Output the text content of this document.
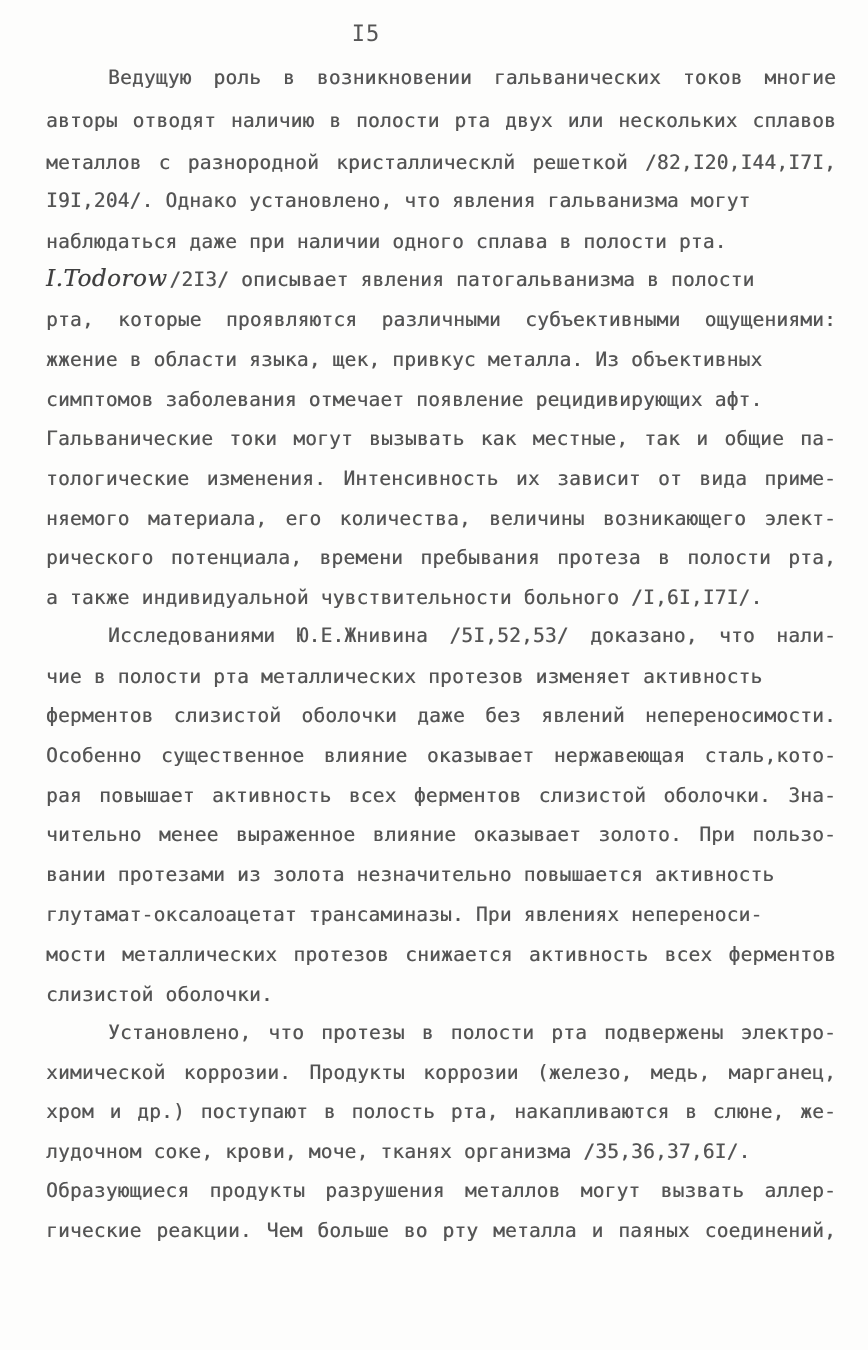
I5
Ведущую роль в возникновении гальванических токов многие
авторы отводят наличию в полости рта двух или нескольких сплавов
металлов с разнородной кристаллическлй решеткой /82,I20,I44,I7I,
I9I,204/. Однако установлено, что явления гальванизма могут
наблюдаться даже при наличии одного сплава в полости рта.
I.Todorow /2I3/ описывает явления патогальванизма в полости
рта, которые проявляются различными субъективными ощущениями:
жжение в области языка, щек, привкус металла. Из объективных
симптомов заболевания отмечает появление рецидивирующих афт.
Гальванические токи могут вызывать как местные, так и общие па-
тологические изменения. Интенсивность их зависит от вида приме-
няемого материала, его количества, величины возникающего элект-
рического потенциала, времени пребывания протеза в полости рта,
а также индивидуальной чувствительности больного /I,6I,I7I/.
Исследованиями Ю.Е.Жнивина /5I,52,53/ доказано, что нали-
чие в полости рта металлических протезов изменяет активность
ферментов слизистой оболочки даже без явлений непереносимости.
Особенно существенное влияние оказывает нержавеющая сталь,кото-
рая повышает активность всех ферментов слизистой оболочки. Зна-
чительно менее выраженное влияние оказывает золото. При пользо-
вании протезами из золота незначительно повышается активность
глутамат-оксалоацетат трансаминазы. При явлениях непереноси-
мости металлических протезов снижается активность всех ферментов
слизистой оболочки.
Установлено, что протезы в полости рта подвержены электро-
химической коррозии. Продукты коррозии (железо, медь, марганец,
хром и др.) поступают в полость рта, накапливаются в слюне, же-
лудочном соке, крови, моче, тканях организма /35,36,37,6I/.
Образующиеся продукты разрушения металлов могут вызвать аллер-
гические реакции. Чем больше во рту металла и паяных соединений,
